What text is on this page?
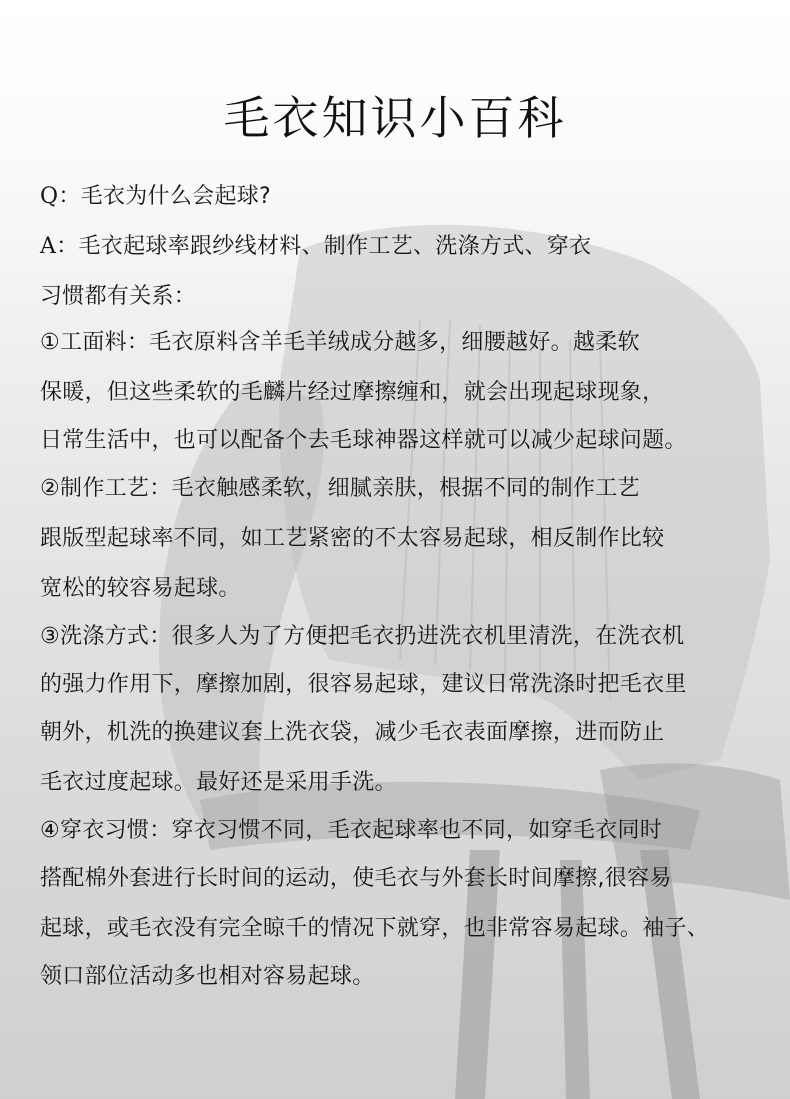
毛衣知识小百科
Q：毛衣为什么会起球?
A：毛衣起球率跟纱线材料、制作工艺、洗涤方式、穿衣
习惯都有关系：
①工面料：毛衣原料含羊毛羊绒成分越多，细腰越好。越柔软
保暖，但这些柔软的毛麟片经过摩擦缠和，就会出现起球现象，
日常生活中，也可以配备个去毛球神器这样就可以减少起球问题。
②制作工艺：毛衣触感柔软，细腻亲肤，根据不同的制作工艺
跟版型起球率不同，如工艺紧密的不太容易起球，相反制作比较
宽松的较容易起球。
③洗涤方式：很多人为了方便把毛衣扔进洗衣机里清洗，在洗衣机
的强力作用下，摩擦加剧，很容易起球，建议日常洗涤时把毛衣里
朝外，机洗的换建议套上洗衣袋，减少毛衣表面摩擦，进而防止
毛衣过度起球。最好还是采用手洗。
④穿衣习惯：穿衣习惯不同，毛衣起球率也不同，如穿毛衣同时
搭配棉外套进行长时间的运动，使毛衣与外套长时间摩擦,很容易
起球，或毛衣没有完全晾千的情况下就穿，也非常容易起球。袖子、
领口部位活动多也相对容易起球。
